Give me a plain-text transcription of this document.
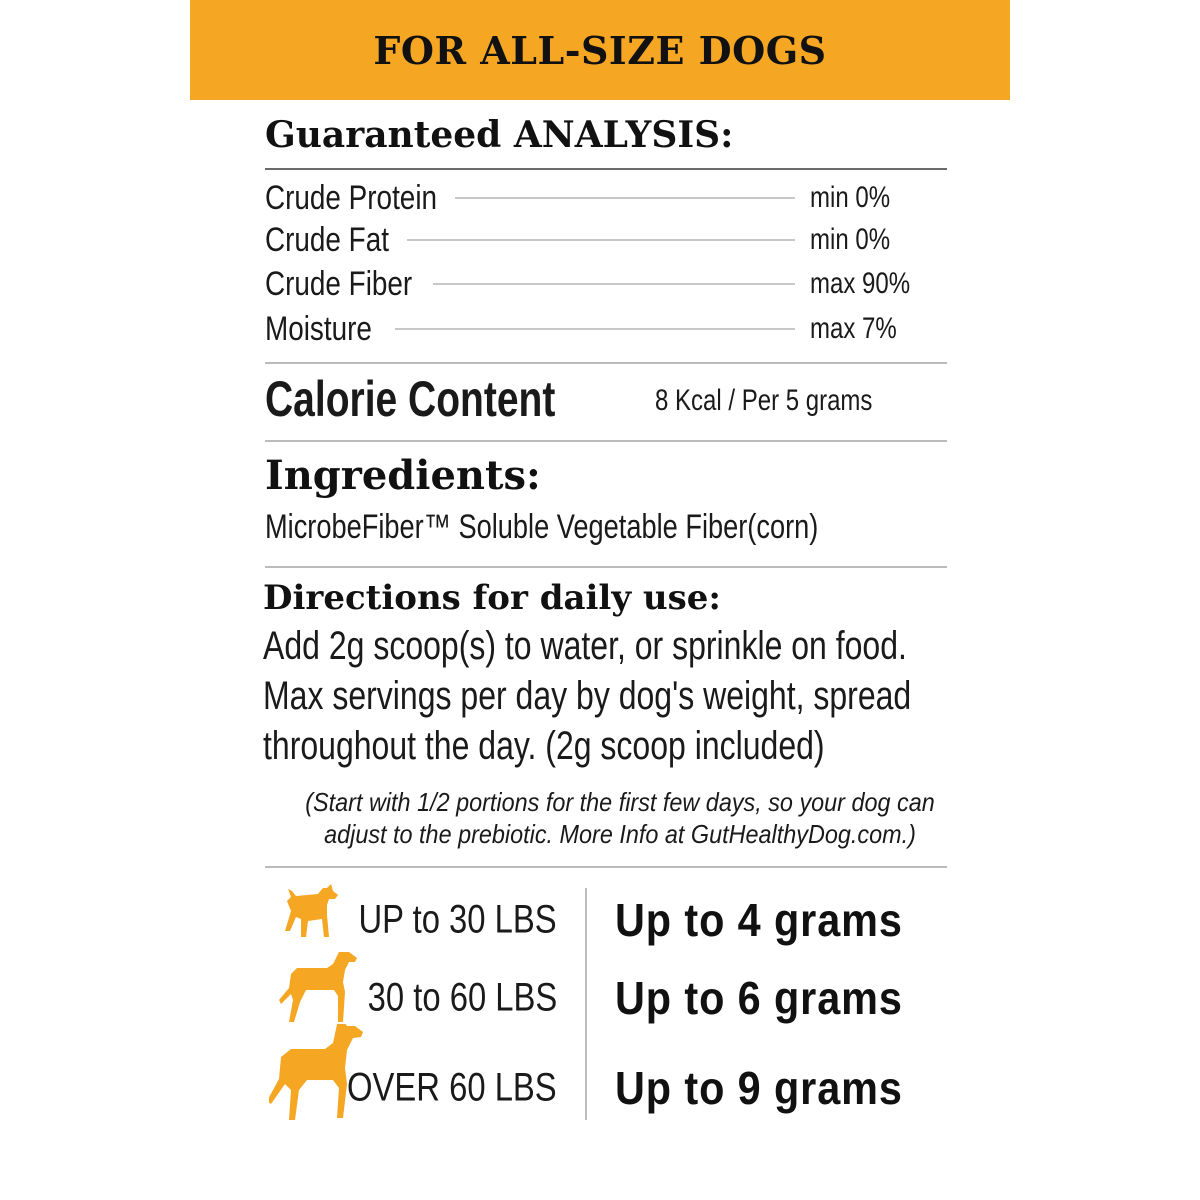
FOR ALL-SIZE DOGS
Guaranteed ANALYSIS:
Crude Protein	min 0%
Crude Fat	min 0%
Crude Fiber	max 90%
Moisture	max 7%
Calorie Content	8 Kcal / Per 5 grams
Ingredients:
MicrobeFiber™ Soluble Vegetable Fiber(corn)
Directions for daily use:
Add 2g scoop(s) to water, or sprinkle on food.
Max servings per day by dog's weight, spread
throughout the day. (2g scoop included)
(Start with 1/2 portions for the first few days, so your dog can
adjust to the prebiotic. More Info at GutHealthyDog.com.)
UP to 30 LBS Up to 4 grams
30 to 60 LBS Up to 6 grams
OVER 60 LBS Up to 9 grams
